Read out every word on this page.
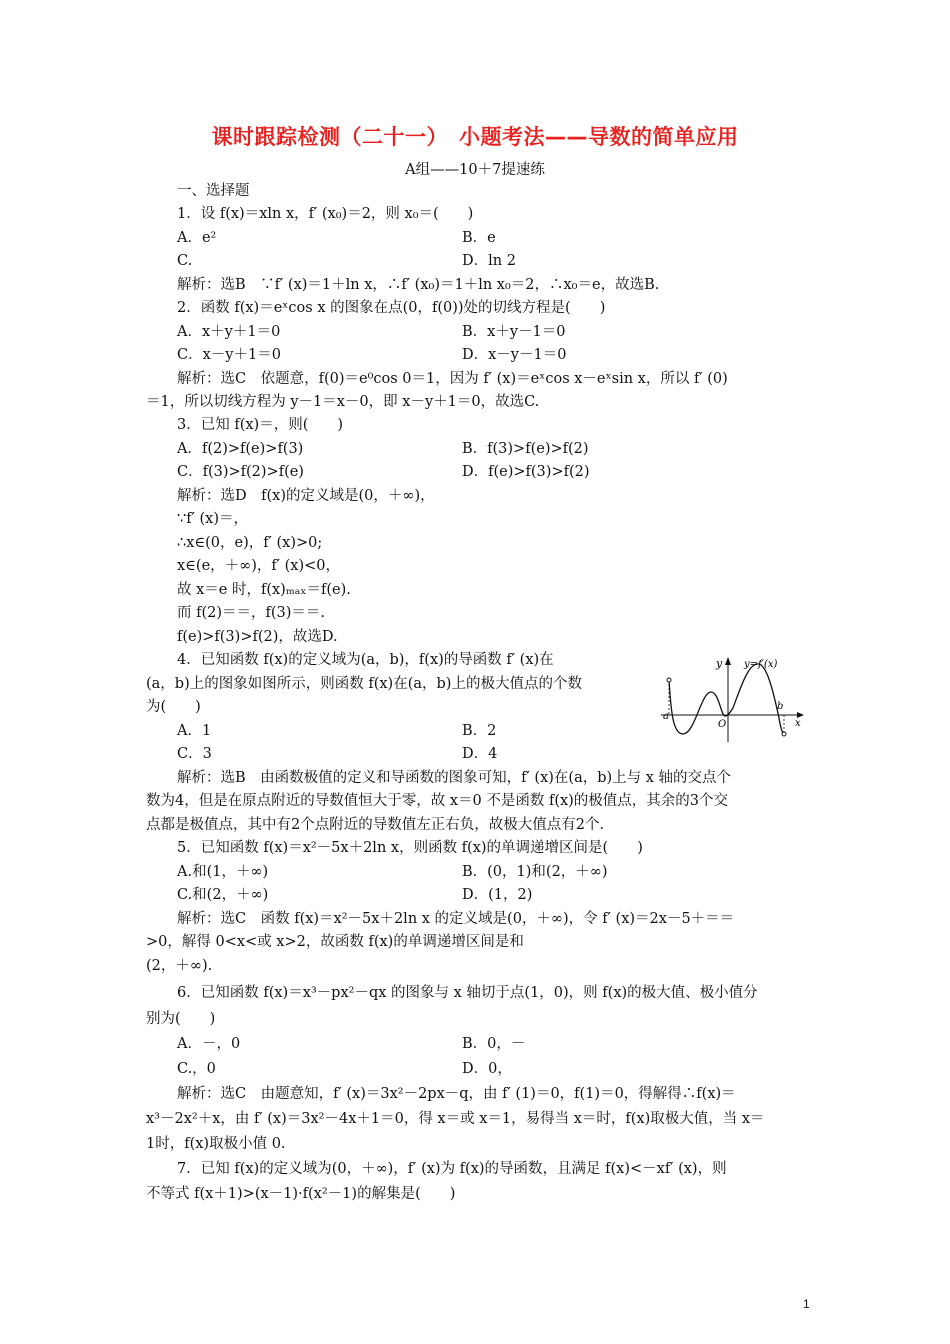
课时跟踪检测（二十一）　小题考法——导数的简单应用
A组——10＋7提速练
一、选择题
1．设 f(x)＝xln x，f′ (x₀)＝2，则 x₀＝(　　)
A．e²	B．e
C.	D．ln 2
解析：选B　∵f′ (x)＝1＋ln x，∴f′ (x₀)＝1＋ln x₀＝2，∴x₀＝e，故选B.
2．函数 f(x)＝eˣcos x 的图象在点(0，f(0))处的切线方程是(　　)
A．x＋y＋1＝0	B．x＋y－1＝0
C．x－y＋1＝0	D．x－y－1＝0
解析：选C　依题意，f(0)＝e⁰cos 0＝1，因为 f′ (x)＝eˣcos x－eˣsin x，所以 f′ (0)
＝1，所以切线方程为 y－1＝x－0，即 x－y＋1＝0，故选C.
3．已知 f(x)＝，则(　　)
A．f(2)>f(e)>f(3)	B．f(3)>f(e)>f(2)
C．f(3)>f(2)>f(e)	D．f(e)>f(3)>f(2)
解析：选D　f(x)的定义域是(0，＋∞)，
∵f′ (x)＝，
∴x∈(0，e)，f′ (x)>0;
x∈(e，＋∞)，f′ (x)<0，
故 x＝e 时，f(x)ₘₐₓ＝f(e).
而 f(2)＝＝，f(3)＝＝.
f(e)>f(3)>f(2)，故选D.
4．已知函数 f(x)的定义域为(a，b)，f(x)的导函数 f′ (x)在
(a，b)上的图象如图所示，则函数 f(x)在(a，b)上的极大值点的个数
为(　　)
A．1	B．2
C．3	D．4
解析：选B　由函数极值的定义和导函数的图象可知，f′ (x)在(a，b)上与 x 轴的交点个
数为4，但是在原点附近的导数值恒大于零，故 x＝0 不是函数 f(x)的极值点，其余的3个交
点都是极值点，其中有2个点附近的导数值左正右负，故极大值点有2个.
y y=f′(x)
a
b
O	x
5．已知函数 f(x)＝x²－5x＋2ln x，则函数 f(x)的单调递增区间是(　　)
A.和(1，＋∞)	B．(0，1)和(2，＋∞)
C.和(2，＋∞)	D．(1，2)
解析：选C　函数 f(x)＝x²－5x＋2ln x 的定义域是(0，＋∞)，令 f′ (x)＝2x－5＋＝＝
>0，解得 0<x<或 x>2，故函数 f(x)的单调递增区间是和
(2，＋∞).
6．已知函数 f(x)＝x³－px²－qx 的图象与 x 轴切于点(1，0)，则 f(x)的极大值、极小值分
别为(　　)
A．－，0	B．0，－
C.，0	D．0，
解析：选C　由题意知，f′ (x)＝3x²－2px－q，由 f′ (1)＝0，f(1)＝0，得解得∴f(x)＝
x³－2x²＋x，由 f′ (x)＝3x²－4x＋1＝0，得 x＝或 x＝1，易得当 x＝时，f(x)取极大值，当 x＝
1时，f(x)取极小值 0.
7．已知 f(x)的定义域为(0，＋∞)，f′ (x)为 f(x)的导函数，且满足 f(x)<－xf′ (x)，则
不等式 f(x＋1)>(x－1)·f(x²－1)的解集是(　　)
1
